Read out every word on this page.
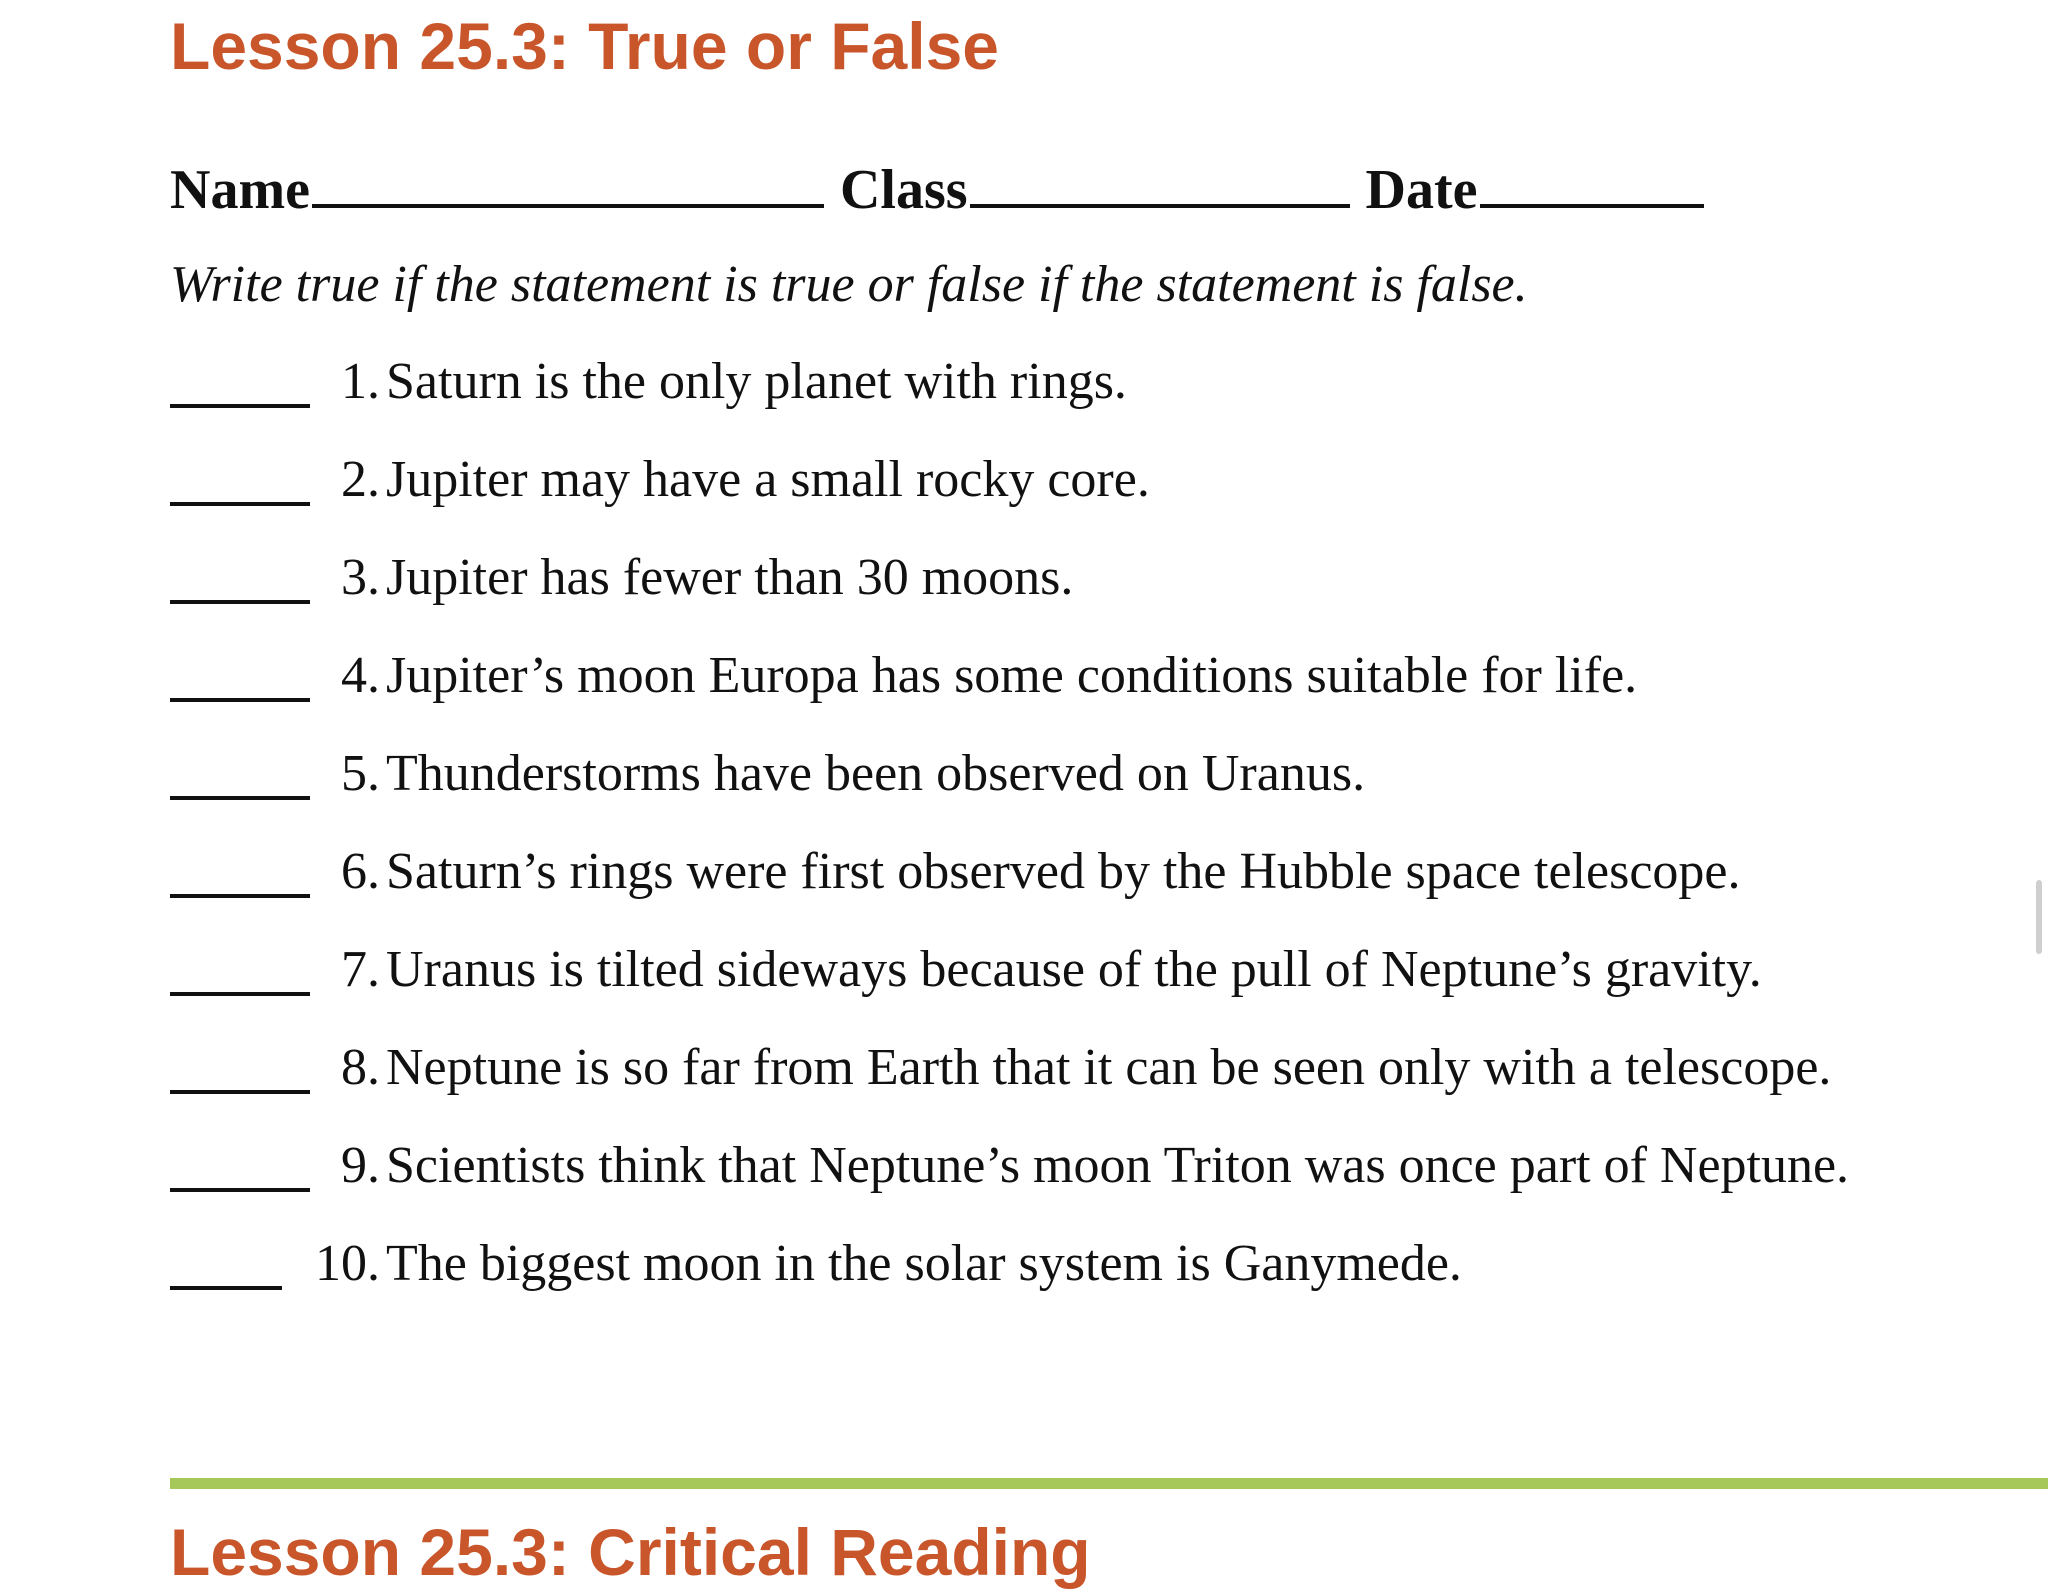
Lesson 25.3: True or False
Name	Class	Date

Write true if the statement is true or false if the statement is false.

1. Saturn is the only planet with rings.
2. Jupiter may have a small rocky core.
3. Jupiter has fewer than 30 moons.
4. Jupiter’s moon Europa has some conditions suitable for life.
5. Thunderstorms have been observed on Uranus.
6. Saturn’s rings were first observed by the Hubble space telescope.
7. Uranus is tilted sideways because of the pull of Neptune’s gravity.
8. Neptune is so far from Earth that it can be seen only with a telescope.
9. Scientists think that Neptune’s moon Triton was once part of Neptune.
10. The biggest moon in the solar system is Ganymede.
Lesson 25.3: Critical Reading
